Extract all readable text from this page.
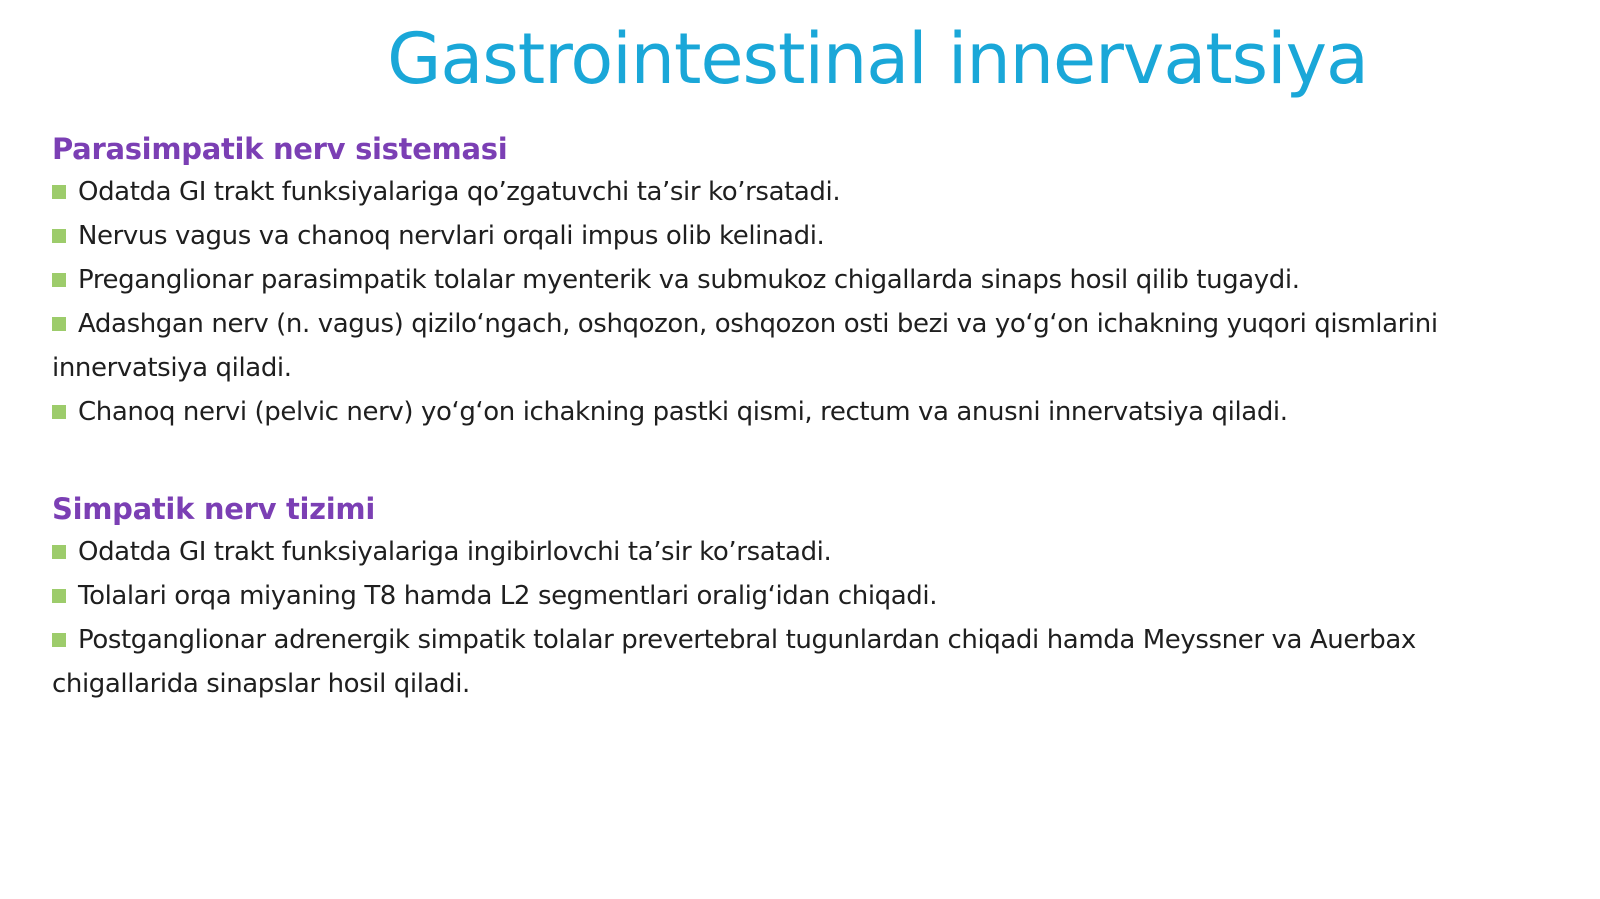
Gastrointestinal innervatsiya
Parasimpatik nerv sistemasi
Odatda GI trakt funksiyalariga qo’zgatuvchi ta’sir ko’rsatadi.
Nervus vagus va chanoq nervlari orqali impus olib kelinadi.
Preganglionar parasimpatik tolalar myenterik va submukoz chigallarda sinaps hosil qilib tugaydi.
Adashgan nerv (n. vagus) qizilo‘ngach, oshqozon, oshqozon osti bezi va yo‘g‘on ichakning yuqori qismlarini innervatsiya qiladi.
Chanoq nervi (pelvic nerv) yo‘g‘on ichakning pastki qismi, rectum va anusni innervatsiya qiladi.
Simpatik nerv tizimi
Odatda GI trakt funksiyalariga ingibirlovchi ta’sir ko’rsatadi.
Tolalari orqa miyaning T8 hamda L2 segmentlari oralig‘idan chiqadi.
Postganglionar adrenergik simpatik tolalar prevertebral tugunlardan chiqadi hamda Meyssner va Auerbax chigallarida sinapslar hosil qiladi.
